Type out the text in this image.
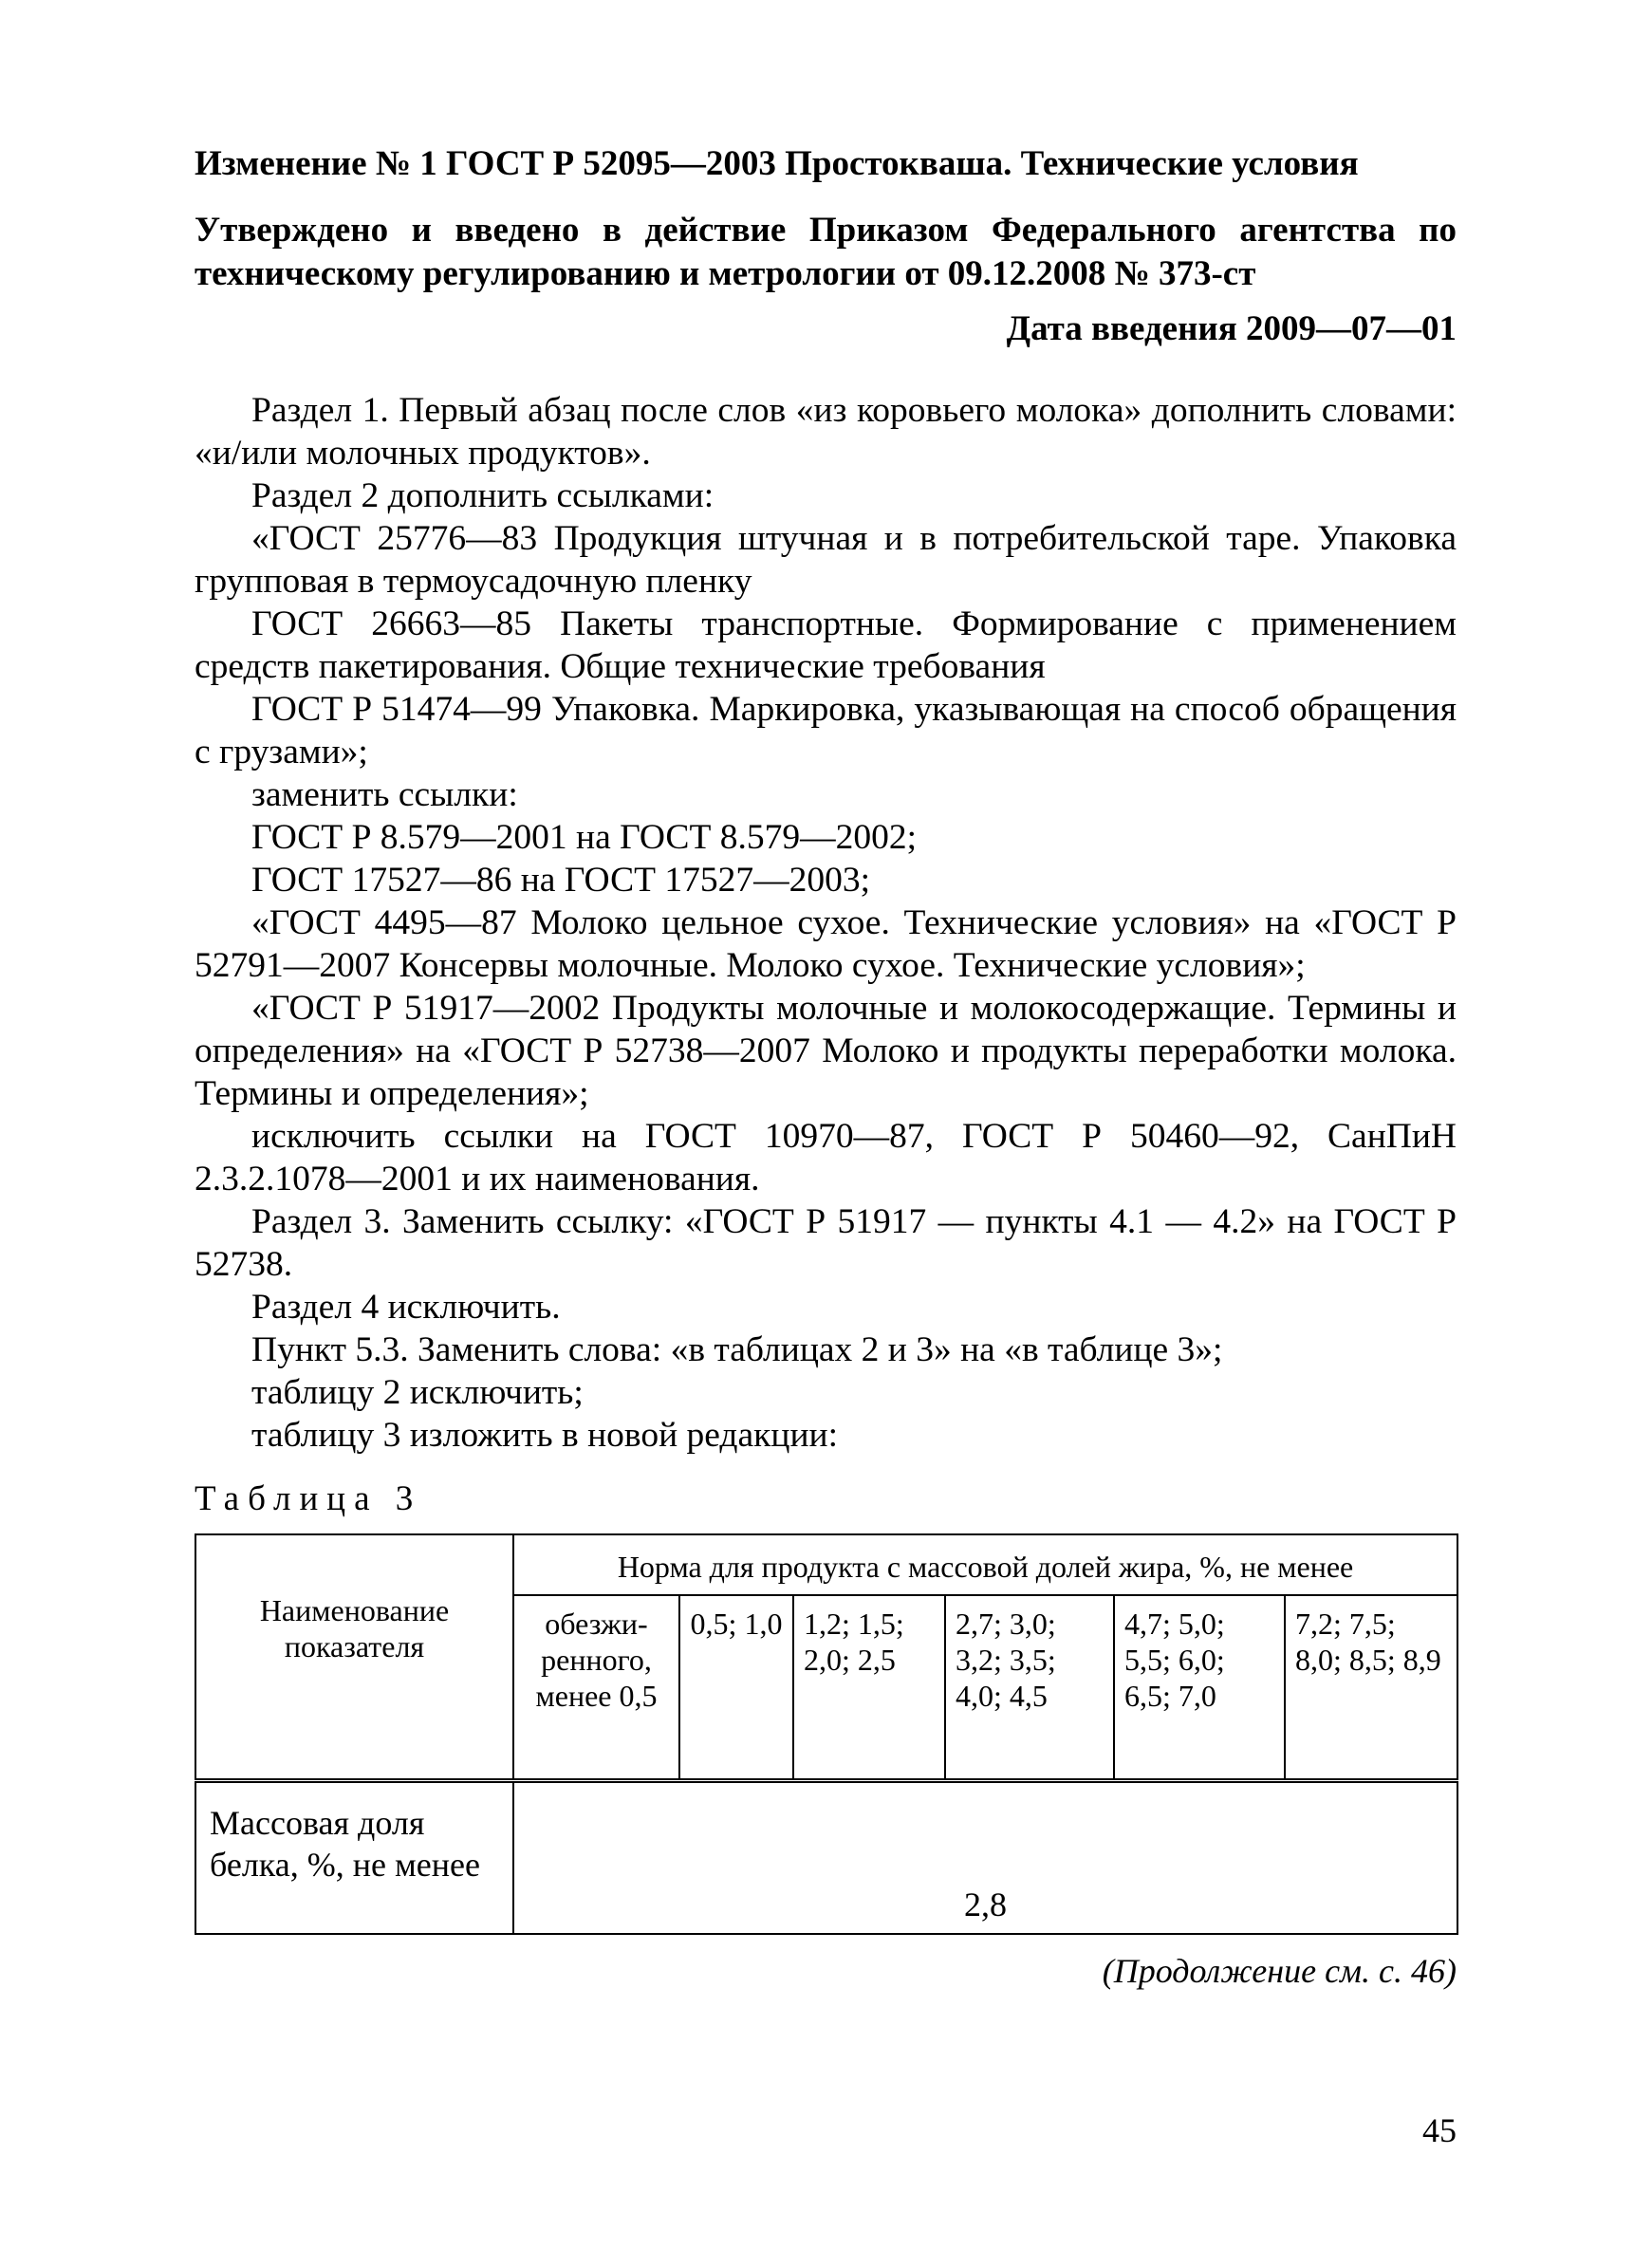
Изменение № 1 ГОСТ Р 52095—2003 Простокваша. Технические условия

Утверждено и введено в действие Приказом Федерального агентства по техническому регулированию и метрологии от 09.12.2008 № 373-ст

Дата введения 2009—07—01

Раздел 1. Первый абзац после слов «из коровьего молока» дополнить словами: «и/или молочных продуктов».

Раздел 2 дополнить ссылками:

«ГОСТ 25776—83 Продукция штучная и в потребительской таре. Упаковка групповая в термоусадочную пленку

ГОСТ 26663—85 Пакеты транспортные. Формирование с применением средств пакетирования. Общие технические требования

ГОСТ Р 51474—99 Упаковка. Маркировка, указывающая на способ обращения с грузами»;

заменить ссылки:

ГОСТ Р 8.579—2001 на ГОСТ 8.579—2002;

ГОСТ 17527—86 на ГОСТ 17527—2003;

«ГОСТ 4495—87 Молоко цельное сухое. Технические условия» на «ГОСТ Р 52791—2007 Консервы молочные. Молоко сухое. Технические условия»;

«ГОСТ Р 51917—2002 Продукты молочные и молокосодержащие. Термины и определения» на «ГОСТ Р 52738—2007 Молоко и продукты переработки молока. Термины и определения»;

исключить ссылки на ГОСТ 10970—87, ГОСТ Р 50460—92, СанПиН 2.3.2.1078—2001 и их наименования.

Раздел 3. Заменить ссылку: «ГОСТ Р 51917 — пункты 4.1 — 4.2» на ГОСТ Р 52738.

Раздел 4 исключить.

Пункт 5.3. Заменить слова: «в таблицах 2 и 3» на «в таблице 3»;

таблицу 2 исключить;

таблицу 3 изложить в новой редакции:

Таблица 3
Наименование показателя	Норма для продукта с массовой долей жира, %, не менее					
	обезжи-ренного, менее 0,5	0,5; 1,0	1,2; 1,5; 2,0; 2,5	2,7; 3,0; 3,2; 3,5; 4,0; 4,5	4,7; 5,0; 5,5; 6,0; 6,5; 7,0	7,2; 7,5; 8,0; 8,5; 8,9
Массовая доля белка, %, не менее	2,8					
(Продолжение см. с. 46)
45
